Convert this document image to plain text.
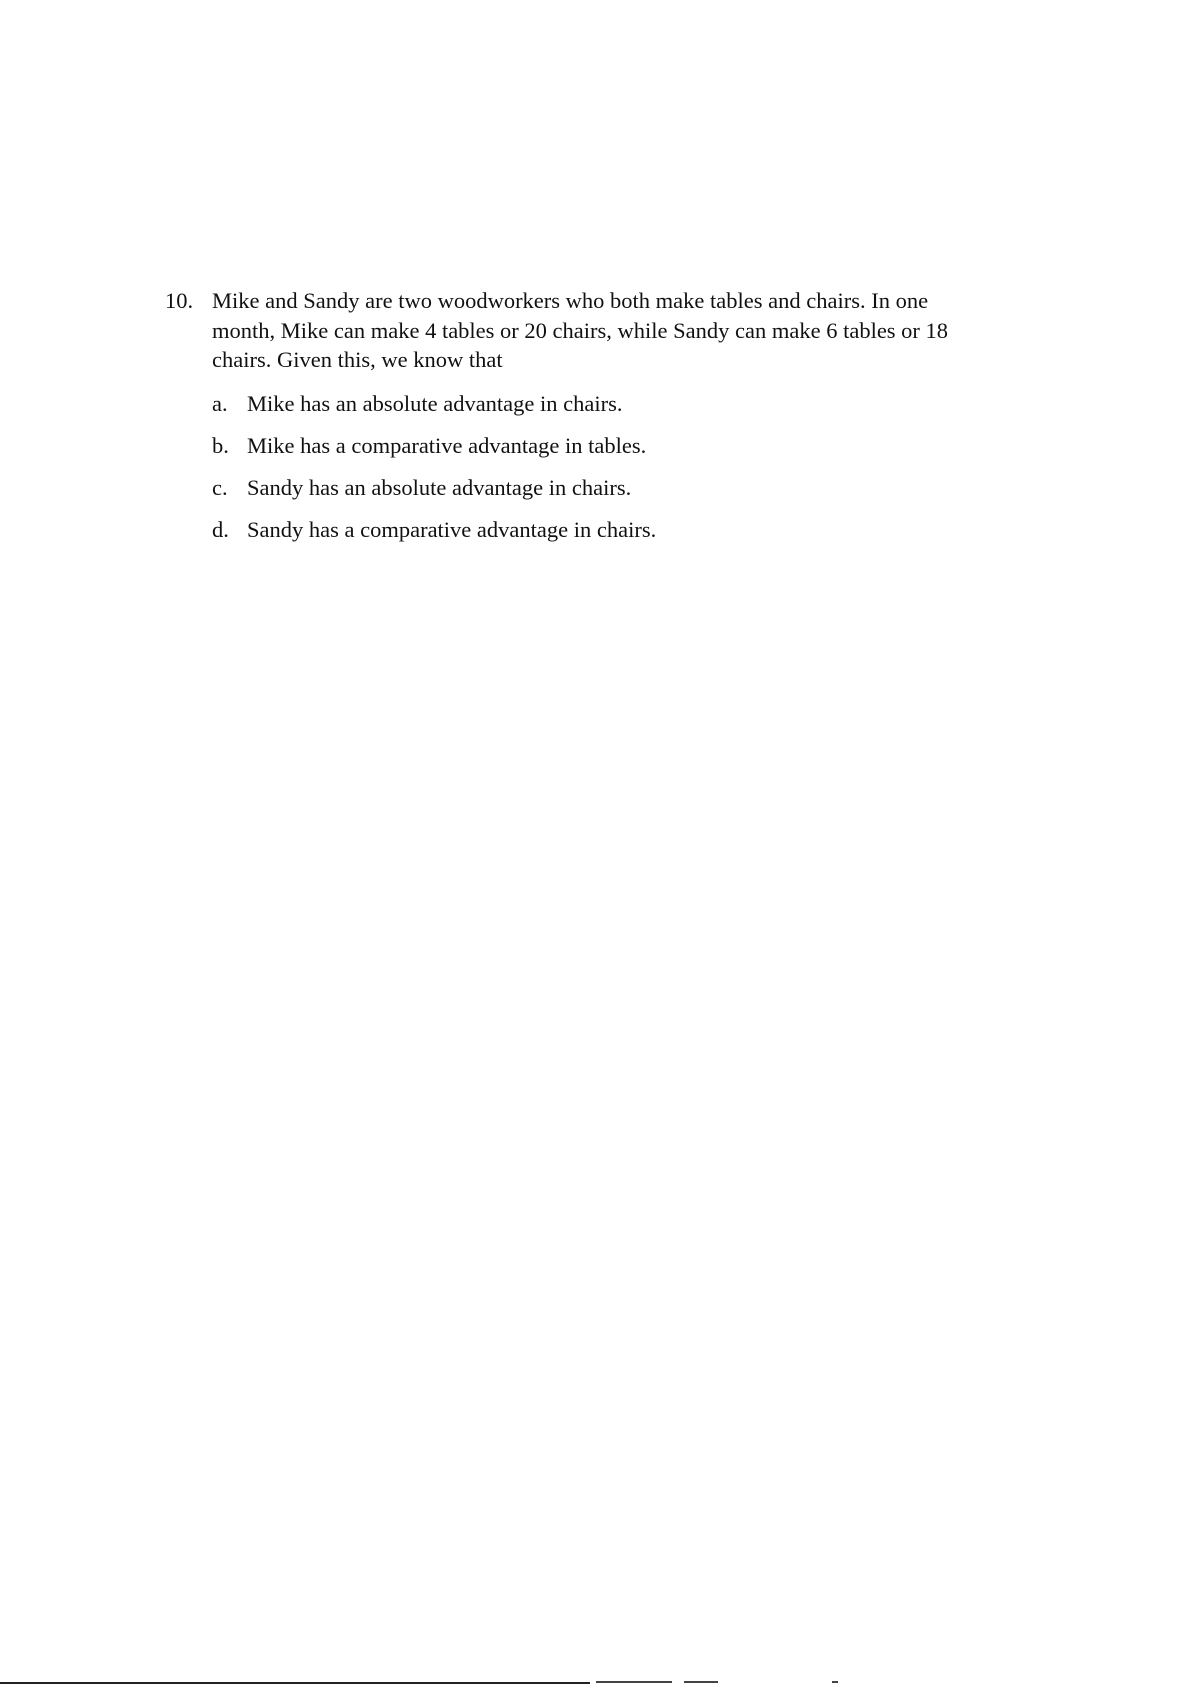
10. Mike and Sandy are two woodworkers who both make tables and chairs. In one
month, Mike can make 4 tables or 20 chairs, while Sandy can make 6 tables or 18
chairs. Given this, we know that
a. Mike has an absolute advantage in chairs.
b. Mike has a comparative advantage in tables.
c. Sandy has an absolute advantage in chairs.
d. Sandy has a comparative advantage in chairs.
